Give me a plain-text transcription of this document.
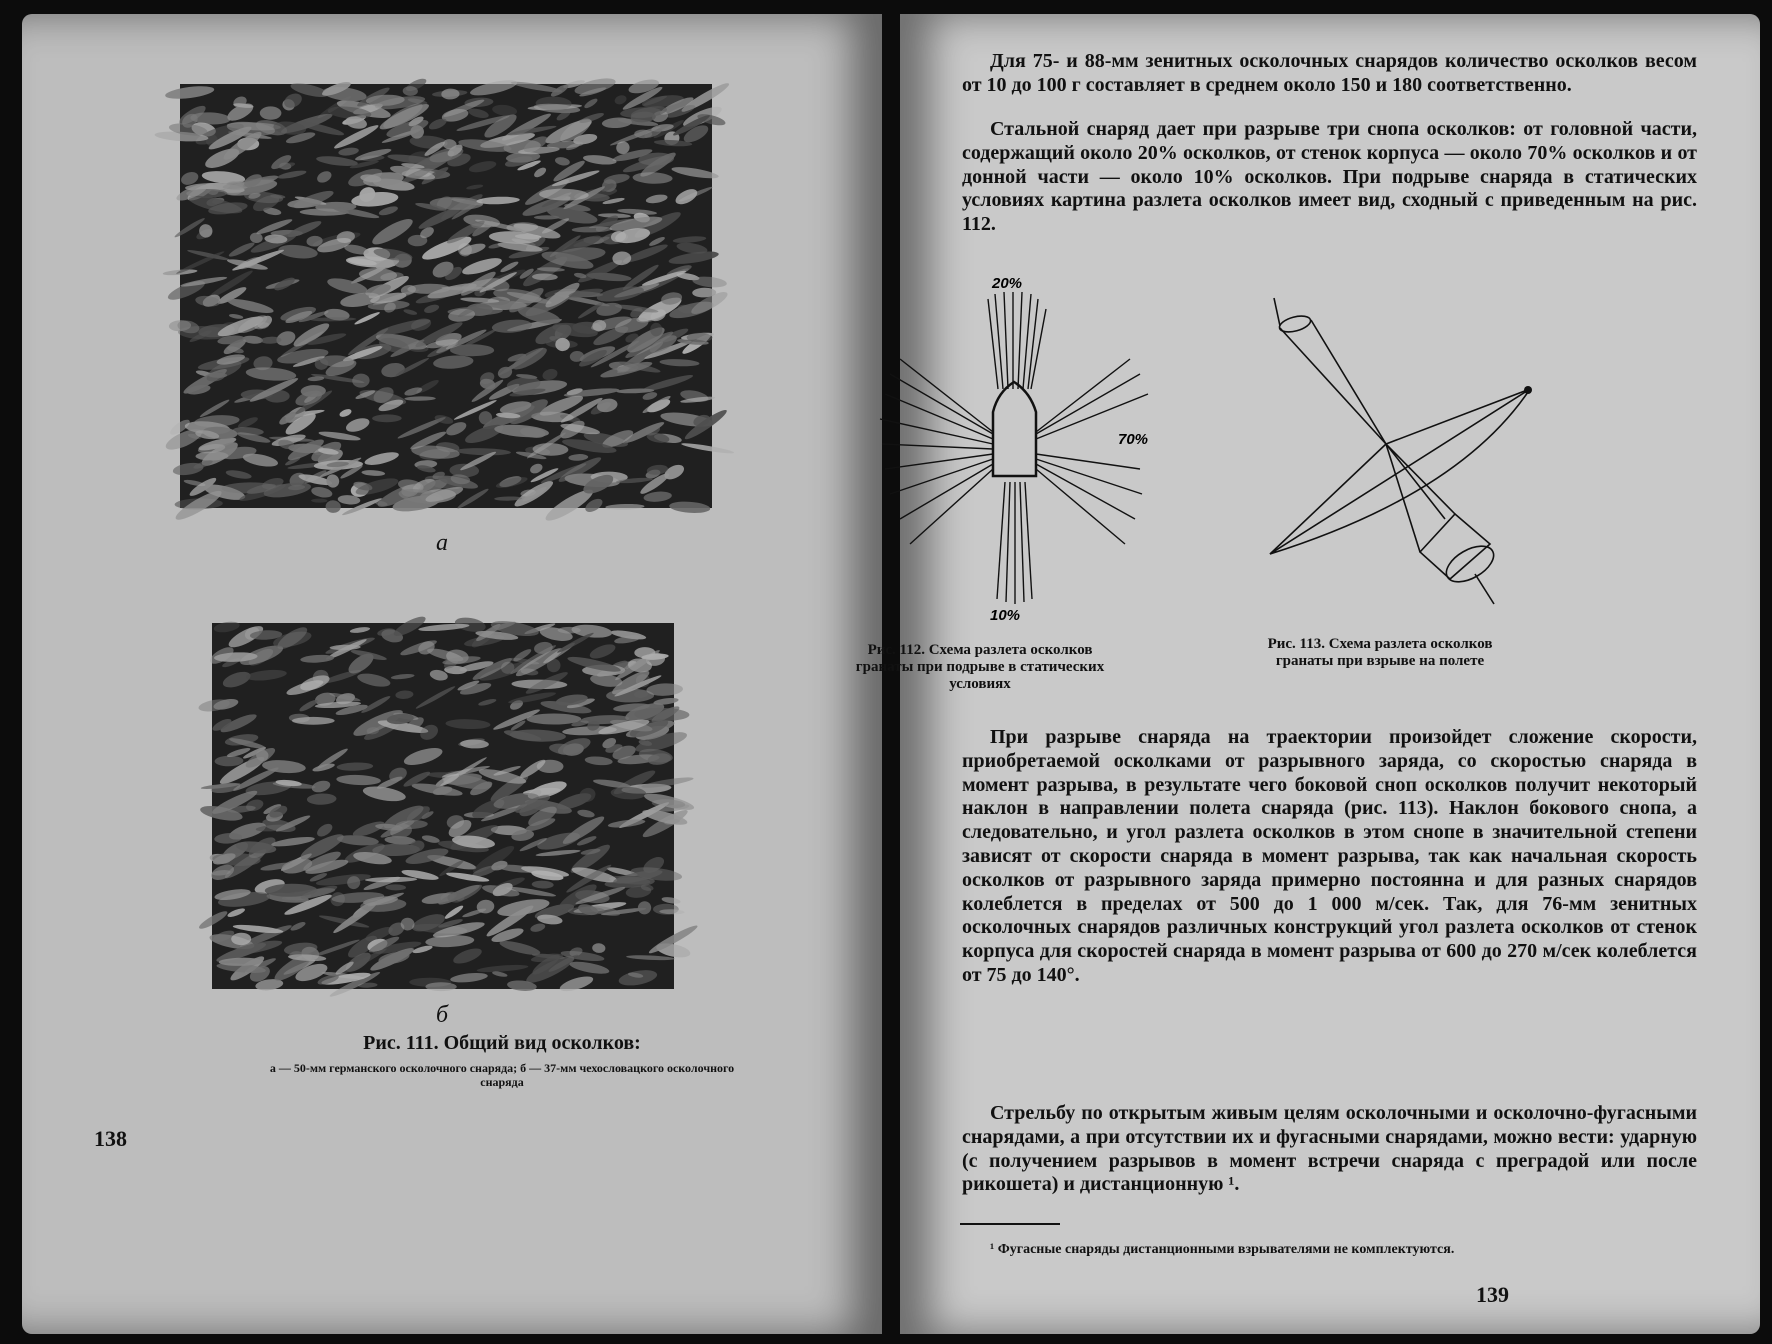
а
б
Рис. 111. Общий вид осколков:
а — 50-мм германского осколочного снаряда; б — 37-мм чехословацкого осколочного снаряда
138

Для 75- и 88-мм зенитных осколочных снарядов количество осколков весом от 10 до 100 г составляет в среднем около 150 и 180 соответственно.

Стальной снаряд дает при разрыве три снопа осколков: от головной части, содержащий около 20% осколков, от стенок корпуса — около 70% осколков и от донной части — около 10% осколков. При подрыве снаряда в статических условиях картина разлета осколков имеет вид, сходный с приведенным на рис. 112.

20%
70%
10%
Рис. 112. Схема разлета осколков гранаты при подрыве в статических условиях
Рис. 113. Схема разлета осколков гранаты при взрыве на полете

При разрыве снаряда на траектории произойдет сложение скорости, приобретаемой осколками от разрывного заряда, со скоростью снаряда в момент разрыва, в результате чего боковой сноп осколков получит некоторый наклон в направлении полета снаряда (рис. 113). Наклон бокового снопа, а следовательно, и угол разлета осколков в этом снопе в значительной степени зависят от скорости снаряда в момент разрыва, так как начальная скорость осколков от разрывного заряда примерно постоянна и для разных снарядов колеблется в пределах от 500 до 1 000 м/сек. Так, для 76-мм зенитных осколочных снарядов различных конструкций угол разлета осколков от стенок корпуса для скоростей снаряда в момент разрыва от 600 до 270 м/сек колеблется от 75 до 140°.

Стрельбу по открытым живым целям осколочными и осколочно-фугасными снарядами, а при отсутствии их и фугасными снарядами, можно вести: ударную (с получением разрывов в момент встречи снаряда с преградой или после рикошета) и дистанционную ¹.

¹ Фугасные снаряды дистанционными взрывателями не комплектуются.
139
